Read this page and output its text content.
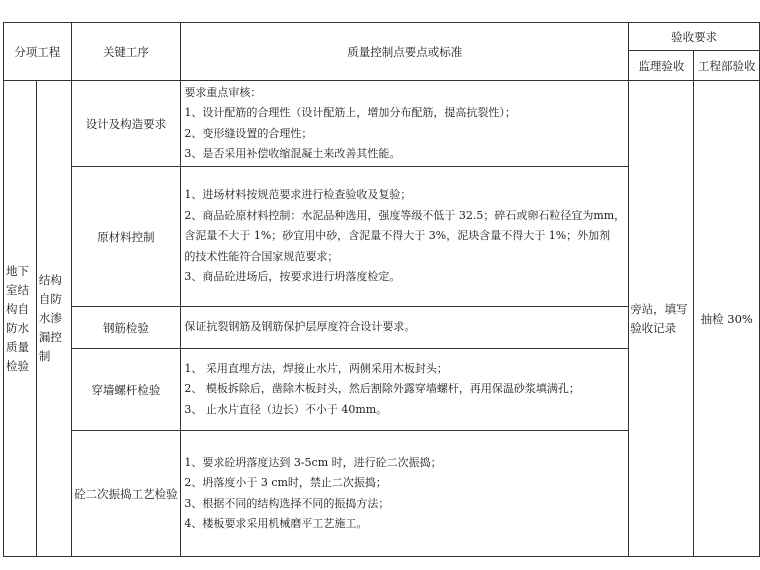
分项工程		关键工序	质量控制点要点或标准	验收要求	
				监理验收	工程部验收
地下室结构自防水质量检验	结构自防水渗漏控制	设计及构造要求	要求重点审核：
1、设计配筋的合理性（设计配筋上，增加分布配筋，提高抗裂性）；
2、变形缝设置的合理性；
3、是否采用补偿收缩混凝土来改善其性能。	旁站，填写验收记录	抽检 30%
		原材料控制	1、进场材料按规范要求进行检查验收及复验；
2、商品砼原材料控制：水泥品种选用，强度等级不低于 32.5；碎石或卵石粒径宜为mm，
含泥量不大于 1%；砂宜用中砂，含泥量不得大于 3%，泥块含量不得大于 1%；外加剂
的技术性能符合国家规范要求；
3、商品砼进场后，按要求进行坍落度检定。		

		钢筋检验	保证抗裂钢筋及钢筋保护层厚度符合设计要求。		

		穿墙螺杆检验	1、 采用直埋方法，焊接止水片，两侧采用木板封头；
2、 模板拆除后，凿除木板封头，然后割除外露穿墙螺杆，再用保温砂浆填满孔；
3、 止水片直径（边长）不小于 40mm。		

		砼二次振捣工艺检验	1、要求砼坍落度达到 3-5cm 时，进行砼二次振捣；
2、坍落度小于 3 cm时，禁止二次振捣；
3、根据不同的结构选择不同的振捣方法；
4、楼板要求采用机械磨平工艺施工。		
